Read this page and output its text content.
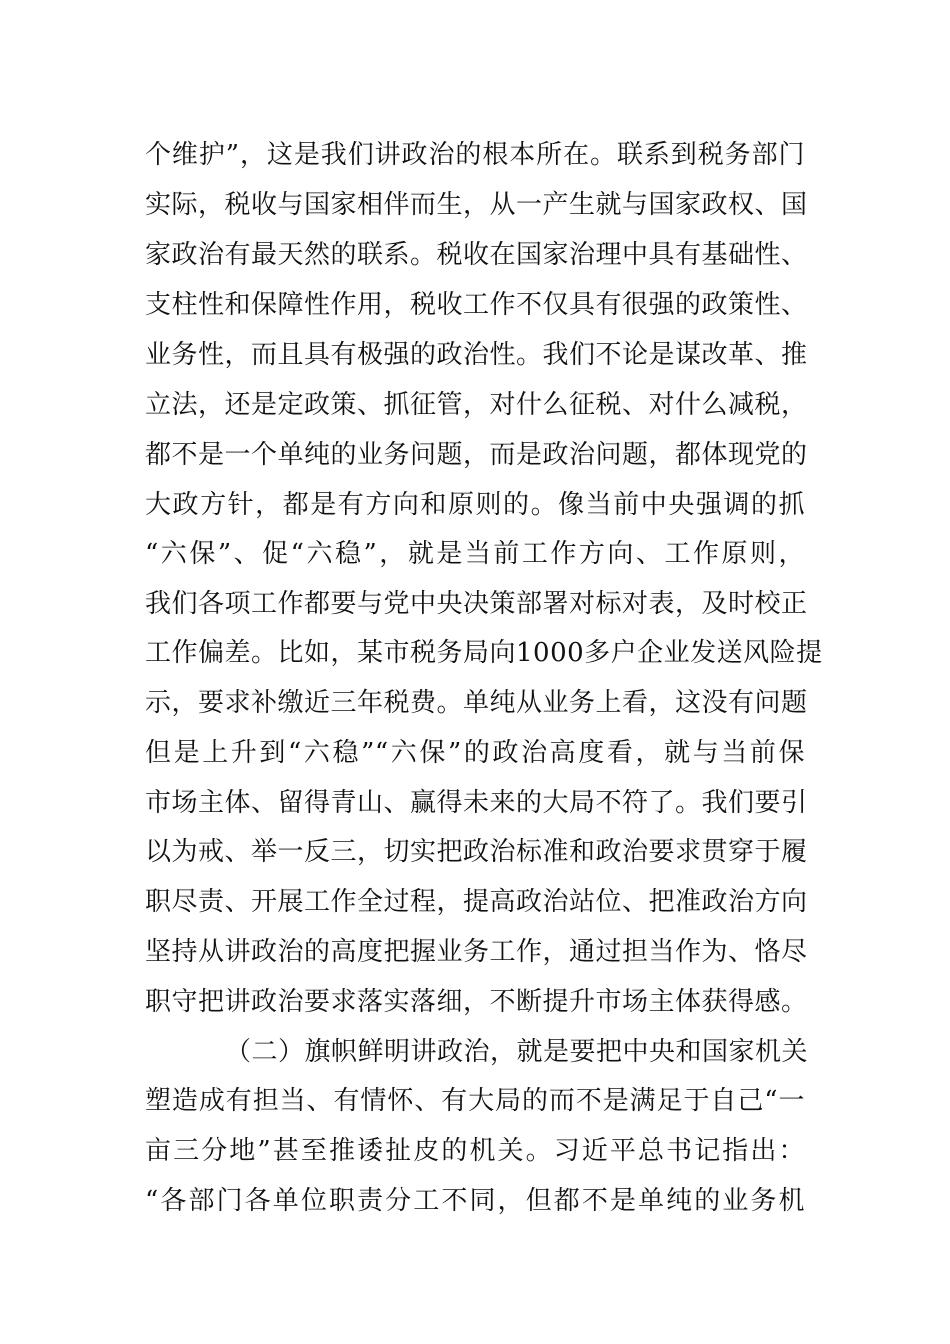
个维护”，这是我们讲政治的根本所在。联系到税务部门
实际，税收与国家相伴而生，从一产生就与国家政权、国
家政治有最天然的联系。税收在国家治理中具有基础性、
支柱性和保障性作用，税收工作不仅具有很强的政策性、
业务性，而且具有极强的政治性。我们不论是谋改革、推
立法，还是定政策、抓征管，对什么征税、对什么减税，
都不是一个单纯的业务问题，而是政治问题，都体现党的
大政方针，都是有方向和原则的。像当前中央强调的抓
“六保”、促“六稳”，就是当前工作方向、工作原则，
我们各项工作都要与党中央决策部署对标对表，及时校正
工作偏差。比如，某市税务局向1000多户企业发送风险提
示，要求补缴近三年税费。单纯从业务上看，这没有问题
但是上升到“六稳”“六保”的政治高度看，就与当前保
市场主体、留得青山、赢得未来的大局不符了。我们要引
以为戒、举一反三，切实把政治标准和政治要求贯穿于履
职尽责、开展工作全过程，提高政治站位、把准政治方向
坚持从讲政治的高度把握业务工作，通过担当作为、恪尽
职守把讲政治要求落实落细，不断提升市场主体获得感。
（二）旗帜鲜明讲政治，就是要把中央和国家机关
塑造成有担当、有情怀、有大局的而不是满足于自己“一
亩三分地”甚至推诿扯皮的机关。习近平总书记指出：
“各部门各单位职责分工不同，但都不是单纯的业务机
